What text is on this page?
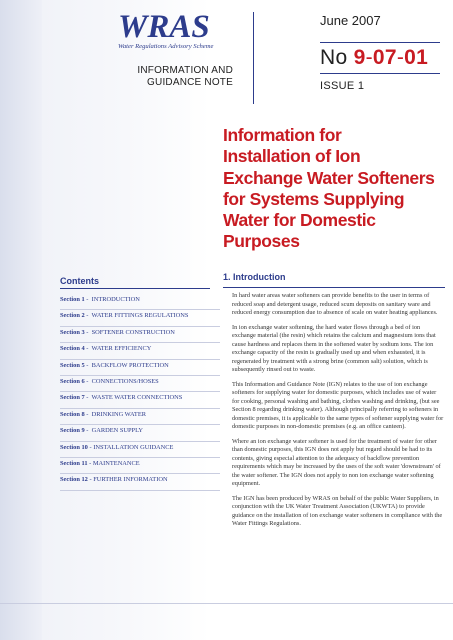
WRAS
Water Regulations Advisory Scheme
INFORMATION AND
GUIDANCE NOTE
June 2007
No 9-07-01
ISSUE 1
Information for
Installation of Ion
Exchange Water Softeners
for Systems Supplying
Water for Domestic
Purposes
Contents
Section 1 -  INTRODUCTION
Section 2 -  WATER FITTINGS REGULATIONS
Section 3 -  SOFTENER CONSTRUCTION
Section 4 -  WATER EFFICIENCY
Section 5 -  BACKFLOW PROTECTION
Section 6 -  CONNECTIONS/HOSES
Section 7 -  WASTE WATER CONNECTIONS
Section 8 -  DRINKING WATER
Section 9 -  GARDEN SUPPLY
Section 10 - INSTALLATION GUIDANCE
Section 11 - MAINTENANCE
Section 12 - FURTHER INFORMATION
1. Introduction

In hard water areas water softeners can provide benefits to the user in terms of reduced soap and detergent usage, reduced scum deposits on sanitary ware and reduced energy consumption due to absence of scale on water heating appliances.

In ion exchange water softening, the hard water flows through a bed of ion exchange material (the resin) which retains the calcium and magnesium ions that cause hardness and replaces them in the softened water by sodium ions. The ion exchange capacity of the resin is gradually used up and when exhausted, it is regenerated by treatment with a strong brine (common salt) solution, which is subsequently rinsed out to waste.

This Information and Guidance Note (IGN) relates to the use of ion exchange softeners for supplying water for domestic purposes, which includes use of water for cooking, personal washing and bathing, clothes washing and drinking, (but see Section 8 regarding drinking water). Although principally referring to softeners in domestic premises, it is applicable to the same types of softener supplying water for domestic purposes in non-domestic premises (e.g. an office canteen).

Where an ion exchange water softener is used for the treatment of water for other than domestic purposes, this IGN does not apply but regard should be had to its contents, giving especial attention to the adequacy of backflow prevention requirements which may be increased by the uses of the soft water 'downstream' of the water softener. The IGN does not apply to non ion exchange water softening equipment.

The IGN has been produced by WRAS on behalf of the public Water Suppliers, in conjunction with the UK Water Treatment Association (UKWTA) to provide guidance on the installation of ion exchange water softeners in compliance with the Water Fittings Regulations.
